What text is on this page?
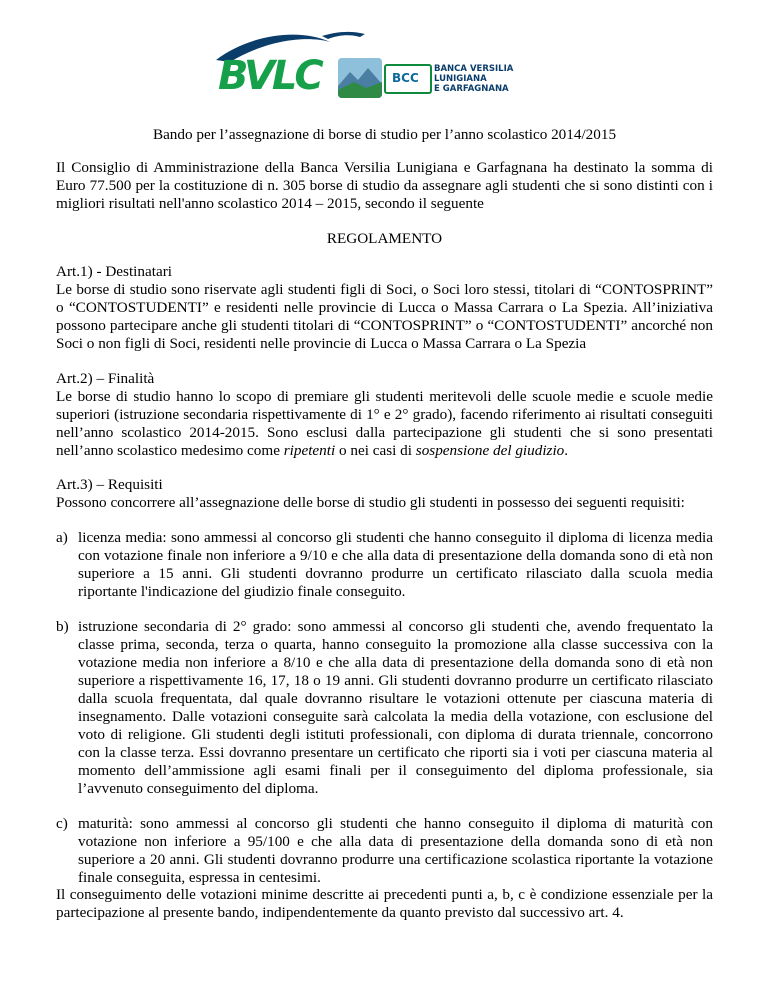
BVLC	BCC
BANCA VERSILIA
LUNIGIANA
E GARFAGNANA
Bando per l’assegnazione di borse di studio per l’anno scolastico 2014/2015
Il Consiglio di Amministrazione della Banca Versilia Lunigiana e Garfagnana ha destinato la somma di Euro 77.500 per la costituzione di n. 305 borse di studio da assegnare agli studenti che si sono distinti con i migliori risultati nell'anno scolastico 2014 – 2015, secondo il seguente
REGOLAMENTO
Art.1) - Destinatari
Le borse di studio sono riservate agli studenti figli di Soci, o Soci loro stessi, titolari di “CONTOSPRINT” o “CONTOSTUDENTI” e residenti nelle provincie di Lucca o Massa Carrara o La Spezia. All’iniziativa possono partecipare anche gli studenti titolari di “CONTOSPRINT” o “CONTOSTUDENTI” ancorché non Soci o non figli di Soci, residenti nelle provincie di Lucca o Massa Carrara o La Spezia
Art.2) – Finalità
Le borse di studio hanno lo scopo di premiare gli studenti meritevoli delle scuole medie e scuole medie superiori (istruzione secondaria rispettivamente di 1° e 2° grado), facendo riferimento ai risultati conseguiti nell’anno scolastico 2014-2015. Sono esclusi dalla partecipazione gli studenti che si sono presentati nell’anno scolastico medesimo come ripetenti o nei casi di sospensione del giudizio.
Art.3) – Requisiti
Possono concorrere all’assegnazione delle borse di studio gli studenti in possesso dei seguenti requisiti:
a) licenza media: sono ammessi al concorso gli studenti che hanno conseguito il diploma di licenza media con votazione finale non inferiore a 9/10 e che alla data di presentazione della domanda sono di età non superiore a 15 anni. Gli studenti dovranno produrre un certificato rilasciato dalla scuola media riportante l'indicazione del giudizio finale conseguito.
b) istruzione secondaria di 2° grado: sono ammessi al concorso gli studenti che, avendo frequentato la classe prima, seconda, terza o quarta, hanno conseguito la promozione alla classe successiva con la votazione media non inferiore a 8/10 e che alla data di presentazione della domanda sono di età non superiore a rispettivamente 16, 17, 18 o 19 anni. Gli studenti dovranno produrre un certificato rilasciato dalla scuola frequentata, dal quale dovranno risultare le votazioni ottenute per ciascuna materia di insegnamento. Dalle votazioni conseguite sarà calcolata la media della votazione, con esclusione del voto di religione. Gli studenti degli istituti professionali, con diploma di durata triennale, concorrono con la classe terza. Essi dovranno presentare un certificato che riporti sia i voti per ciascuna materia al momento dell’ammissione agli esami finali per il conseguimento del diploma professionale, sia l’avvenuto conseguimento del diploma.
c) maturità: sono ammessi al concorso gli studenti che hanno conseguito il diploma di maturità con votazione non inferiore a 95/100 e che alla data di presentazione della domanda sono di età non superiore a 20 anni. Gli studenti dovranno produrre una certificazione scolastica riportante la votazione finale conseguita, espressa in centesimi.
Il conseguimento delle votazioni minime descritte ai precedenti punti a, b, c è condizione essenziale per la partecipazione al presente bando, indipendentemente da quanto previsto dal successivo art. 4.
